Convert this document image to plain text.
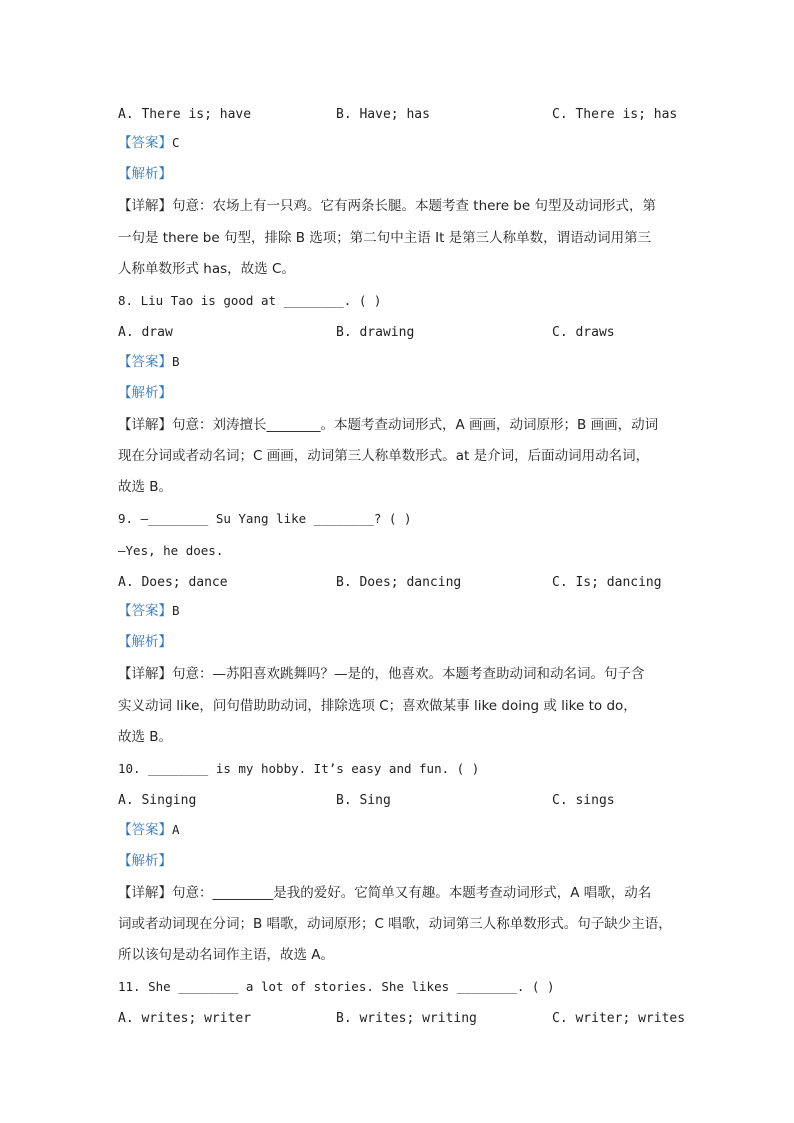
A. There is; have	B. Have; has	C. There is; has
【答案】C
【解析】
【详解】句意：农场上有一只鸡。它有两条长腿。本题考查 there be 句型及动词形式，第
一句是 there be 句型，排除 B 选项；第二句中主语 It 是第三人称单数，谓语动词用第三
人称单数形式 has，故选 C。
8. Liu Tao is good at ________. ( )
A. draw	B. drawing	C. draws
【答案】B
【解析】
【详解】句意：刘涛擅长________。本题考查动词形式，A 画画，动词原形；B 画画，动词
现在分词或者动名词；C 画画，动词第三人称单数形式。at 是介词，后面动词用动名词，
故选 B。
9. —________ Su Yang like ________? ( )
—Yes, he does.
A. Does; dance	B. Does; dancing	C. Is; dancing
【答案】B
【解析】
【详解】句意：—苏阳喜欢跳舞吗？—是的，他喜欢。本题考查助动词和动名词。句子含
实义动词 like，问句借助助动词，排除选项 C；喜欢做某事 like doing 或 like to do，
故选 B。
10. ________ is my hobby. It’s easy and fun. ( )
A. Singing	B. Sing	C. sings
【答案】A
【解析】
【详解】句意：_________是我的爱好。它简单又有趣。本题考查动词形式，A 唱歌，动名
词或者动词现在分词；B 唱歌，动词原形；C 唱歌，动词第三人称单数形式。句子缺少主语，
所以该句是动名词作主语，故选 A。
11. She ________ a lot of stories. She likes ________. ( )
A. writes; writer	B. writes; writing	C. writer; writes
